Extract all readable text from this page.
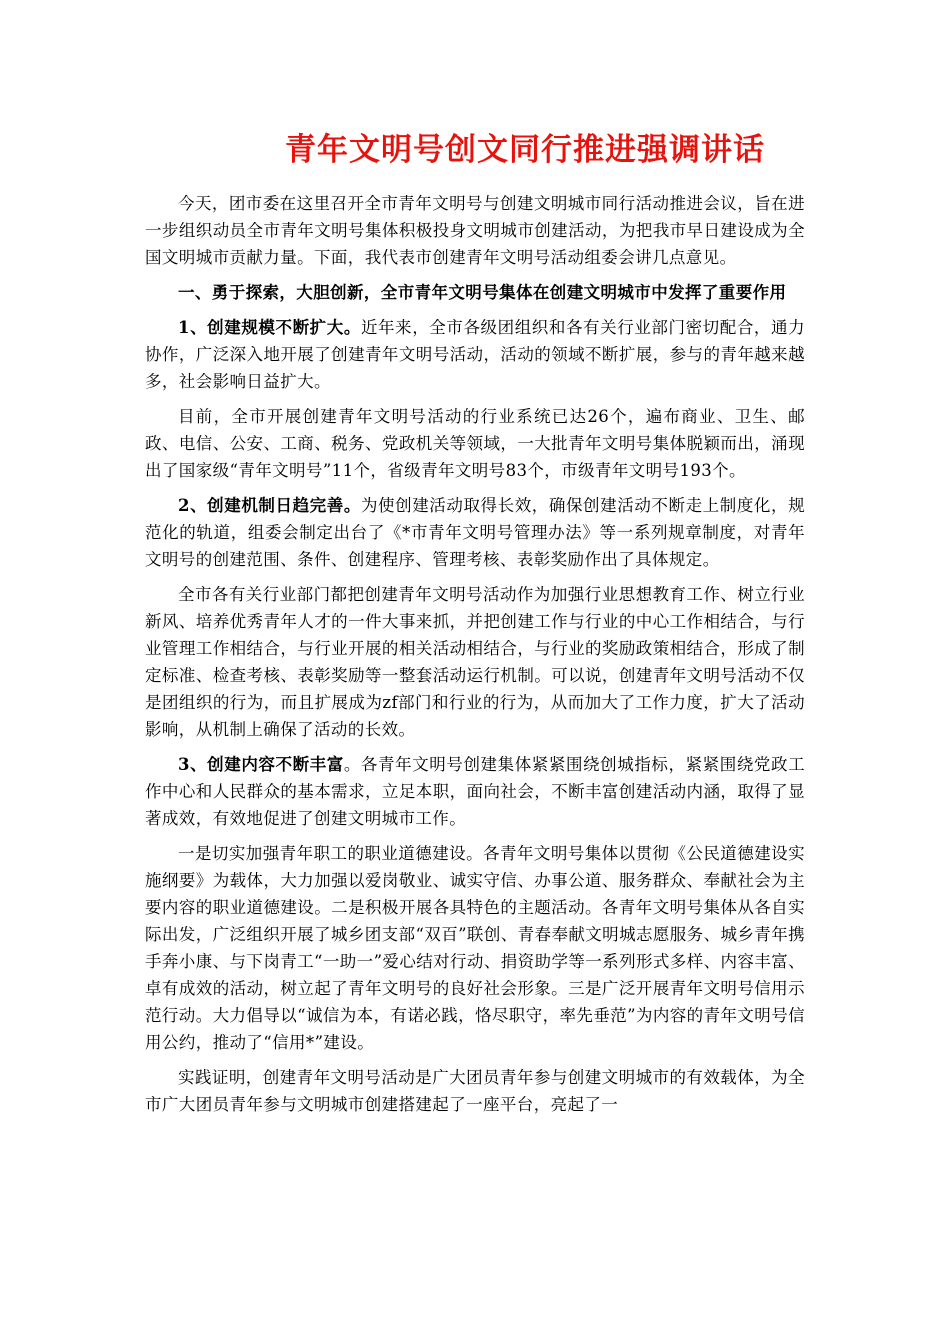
青年文明号创文同行推进强调讲话

今天，团市委在这里召开全市青年文明号与创建文明城市同行活动推进会议，旨在进一步组织动员全市青年文明号集体积极投身文明城市创建活动，为把我市早日建设成为全国文明城市贡献力量。下面，我代表市创建青年文明号活动组委会讲几点意见。

一、勇于探索，大胆创新，全市青年文明号集体在创建文明城市中发挥了重要作用

1、创建规模不断扩大。近年来，全市各级团组织和各有关行业部门密切配合，通力协作，广泛深入地开展了创建青年文明号活动，活动的领域不断扩展，参与的青年越来越多，社会影响日益扩大。

目前，全市开展创建青年文明号活动的行业系统已达26个，遍布商业、卫生、邮政、电信、公安、工商、税务、党政机关等领域，一大批青年文明号集体脱颖而出，涌现出了国家级“青年文明号”11个，省级青年文明号83个，市级青年文明号193个。

2、创建机制日趋完善。为使创建活动取得长效，确保创建活动不断走上制度化，规范化的轨道，组委会制定出台了《*市青年文明号管理办法》等一系列规章制度，对青年文明号的创建范围、条件、创建程序、管理考核、表彰奖励作出了具体规定。

全市各有关行业部门都把创建青年文明号活动作为加强行业思想教育工作、树立行业新风、培养优秀青年人才的一件大事来抓，并把创建工作与行业的中心工作相结合，与行业管理工作相结合，与行业开展的相关活动相结合，与行业的奖励政策相结合，形成了制定标准、检查考核、表彰奖励等一整套活动运行机制。可以说，创建青年文明号活动不仅是团组织的行为，而且扩展成为zf部门和行业的行为，从而加大了工作力度，扩大了活动影响，从机制上确保了活动的长效。

3、创建内容不断丰富。各青年文明号创建集体紧紧围绕创城指标，紧紧围绕党政工作中心和人民群众的基本需求，立足本职，面向社会，不断丰富创建活动内涵，取得了显著成效，有效地促进了创建文明城市工作。

一是切实加强青年职工的职业道德建设。各青年文明号集体以贯彻《公民道德建设实施纲要》为载体，大力加强以爱岗敬业、诚实守信、办事公道、服务群众、奉献社会为主要内容的职业道德建设。二是积极开展各具特色的主题活动。各青年文明号集体从各自实际出发，广泛组织开展了城乡团支部“双百”联创、青春奉献文明城志愿服务、城乡青年携手奔小康、与下岗青工“一助一”爱心结对行动、捐资助学等一系列形式多样、内容丰富、卓有成效的活动，树立起了青年文明号的良好社会形象。三是广泛开展青年文明号信用示范行动。大力倡导以“诚信为本，有诺必践，恪尽职守，率先垂范”为内容的青年文明号信用公约，推动了“信用*”建设。

实践证明，创建青年文明号活动是广大团员青年参与创建文明城市的有效载体，为全市广大团员青年参与文明城市创建搭建起了一座平台，亮起了一
